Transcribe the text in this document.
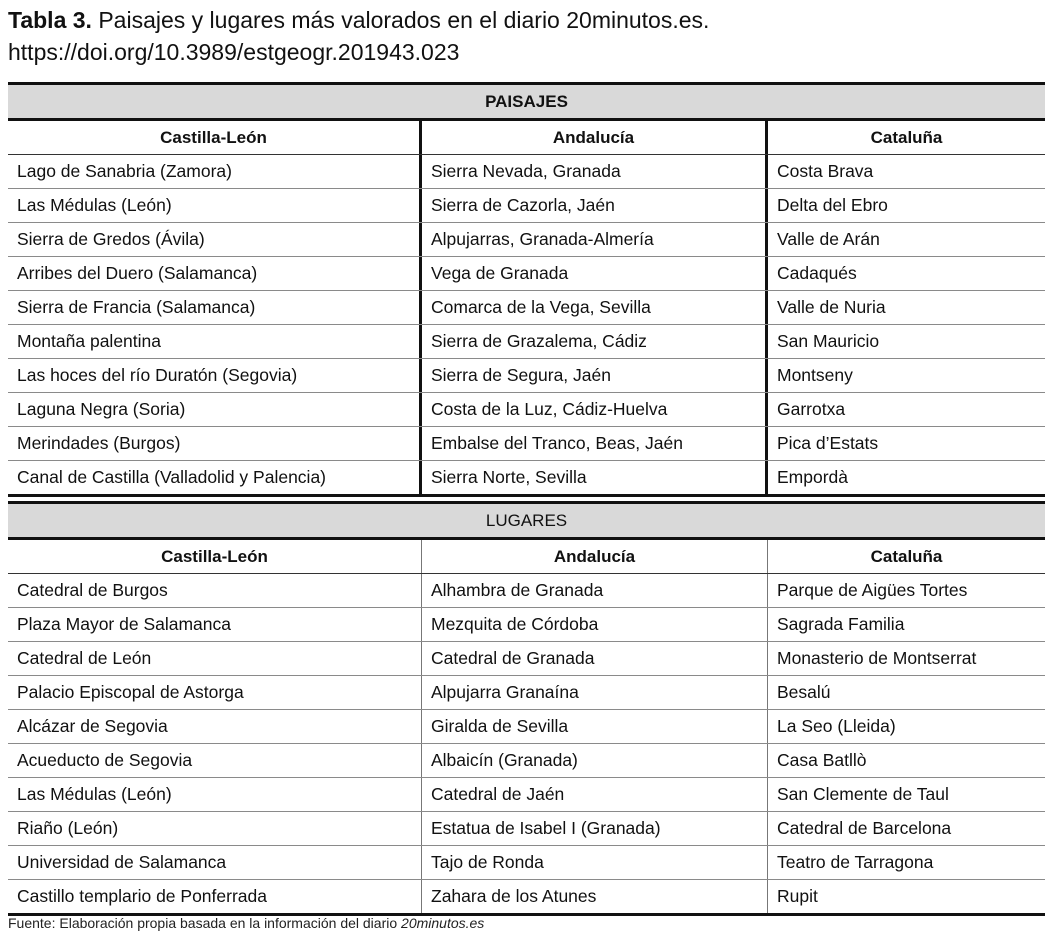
Tabla 3. Paisajes y lugares más valorados en el diario 20minutos.es.
https://doi.org/10.3989/estgeogr.201943.023
PAISAJES
Castilla-León	Andalucía	Cataluña
Lago de Sanabria (Zamora)	Sierra Nevada, Granada	Costa Brava
Las Médulas (León)	Sierra de Cazorla, Jaén	Delta del Ebro
Sierra de Gredos (Ávila)	Alpujarras, Granada-Almería	Valle de Arán
Arribes del Duero (Salamanca)	Vega de Granada	Cadaqués
Sierra de Francia (Salamanca)	Comarca de la Vega, Sevilla	Valle de Nuria
Montaña palentina	Sierra de Grazalema, Cádiz	San Mauricio
Las hoces del río Duratón (Segovia)	Sierra de Segura, Jaén	Montseny
Laguna Negra (Soria)	Costa de la Luz, Cádiz-Huelva	Garrotxa
Merindades (Burgos)	Embalse del Tranco, Beas, Jaén	Pica d’Estats
Canal de Castilla (Valladolid y Palencia)	Sierra Norte, Sevilla	Empordà
LUGARES
Castilla-León	Andalucía	Cataluña
Catedral de Burgos	Alhambra de Granada	Parque de Aigües Tortes
Plaza Mayor de Salamanca	Mezquita de Córdoba	Sagrada Familia
Catedral de León	Catedral de Granada	Monasterio de Montserrat
Palacio Episcopal de Astorga	Alpujarra Granaína	Besalú
Alcázar de Segovia	Giralda de Sevilla	La Seo (Lleida)
Acueducto de Segovia	Albaicín (Granada)	Casa Batllò
Las Médulas (León)	Catedral de Jaén	San Clemente de Taul
Riaño (León)	Estatua de Isabel I (Granada)	Catedral de Barcelona
Universidad de Salamanca	Tajo de Ronda	Teatro de Tarragona
Castillo templario de Ponferrada	Zahara de los Atunes	Rupit
Fuente: Elaboración propia basada en la información del diario 20minutos.es
